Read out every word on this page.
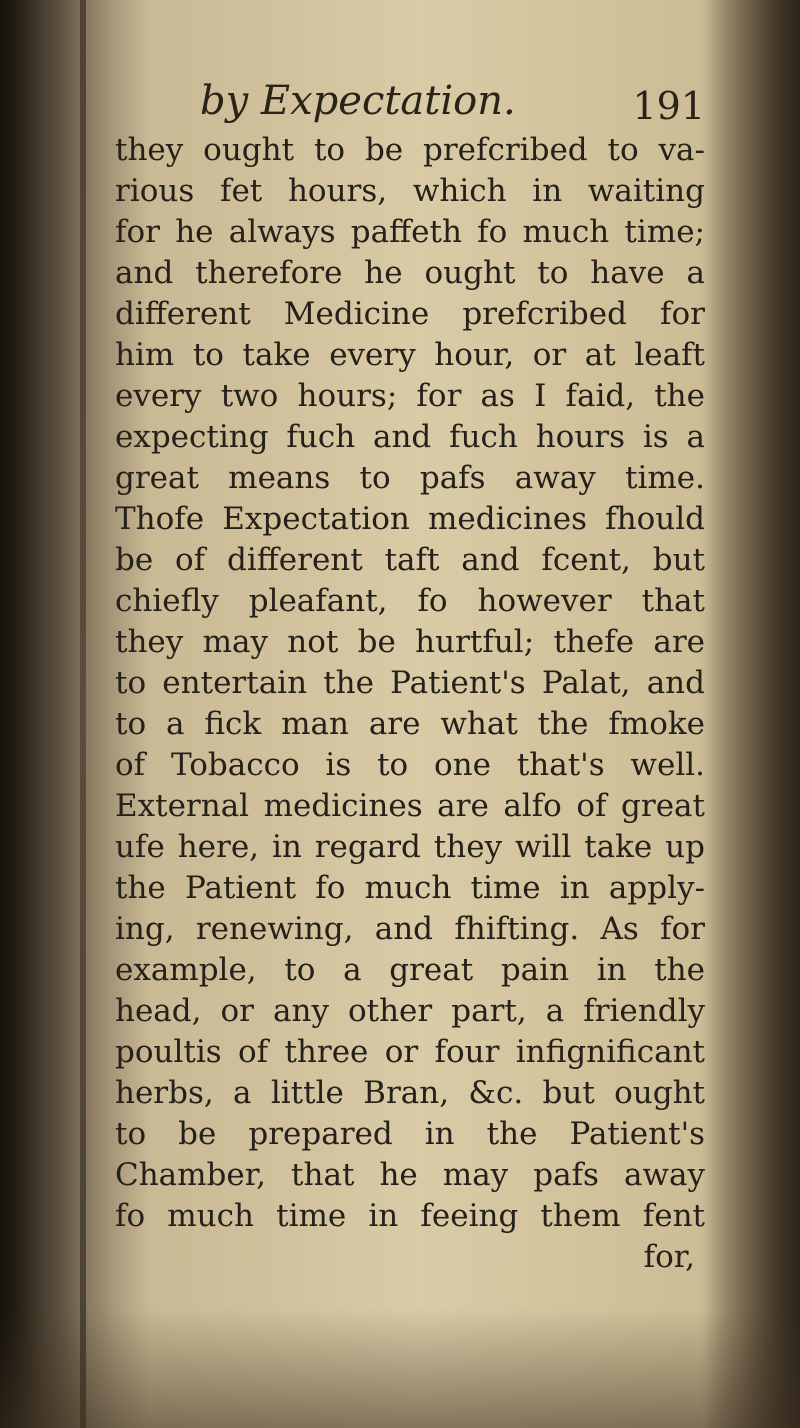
by Expectation.	191
they ought to be prefcribed to va-
rious fet hours, which in waiting
for he always paffeth fo much time;
and therefore he ought to have a
different Medicine prefcribed for
him to take every hour, or at leaft
every two hours; for as I faid, the
expecting fuch and fuch hours is a
great means to pafs away time.
Thofe Expectation medicines fhould
be of different taft and fcent, but
chiefly pleafant, fo however that
they may not be hurtful; thefe are
to entertain the Patient's Palat, and
to a fick man are what the fmoke
of Tobacco is to one that's well.
External medicines are alfo of great
ufe here, in regard they will take up
the Patient fo much time in apply-
ing, renewing, and fhifting. As for
example, to a great pain in the
head, or any other part, a friendly
poultis of three or four infignificant
herbs, a little Bran, &c. but ought
to be prepared in the Patient's
Chamber, that he may pafs away
fo much time in feeing them fent
for,
